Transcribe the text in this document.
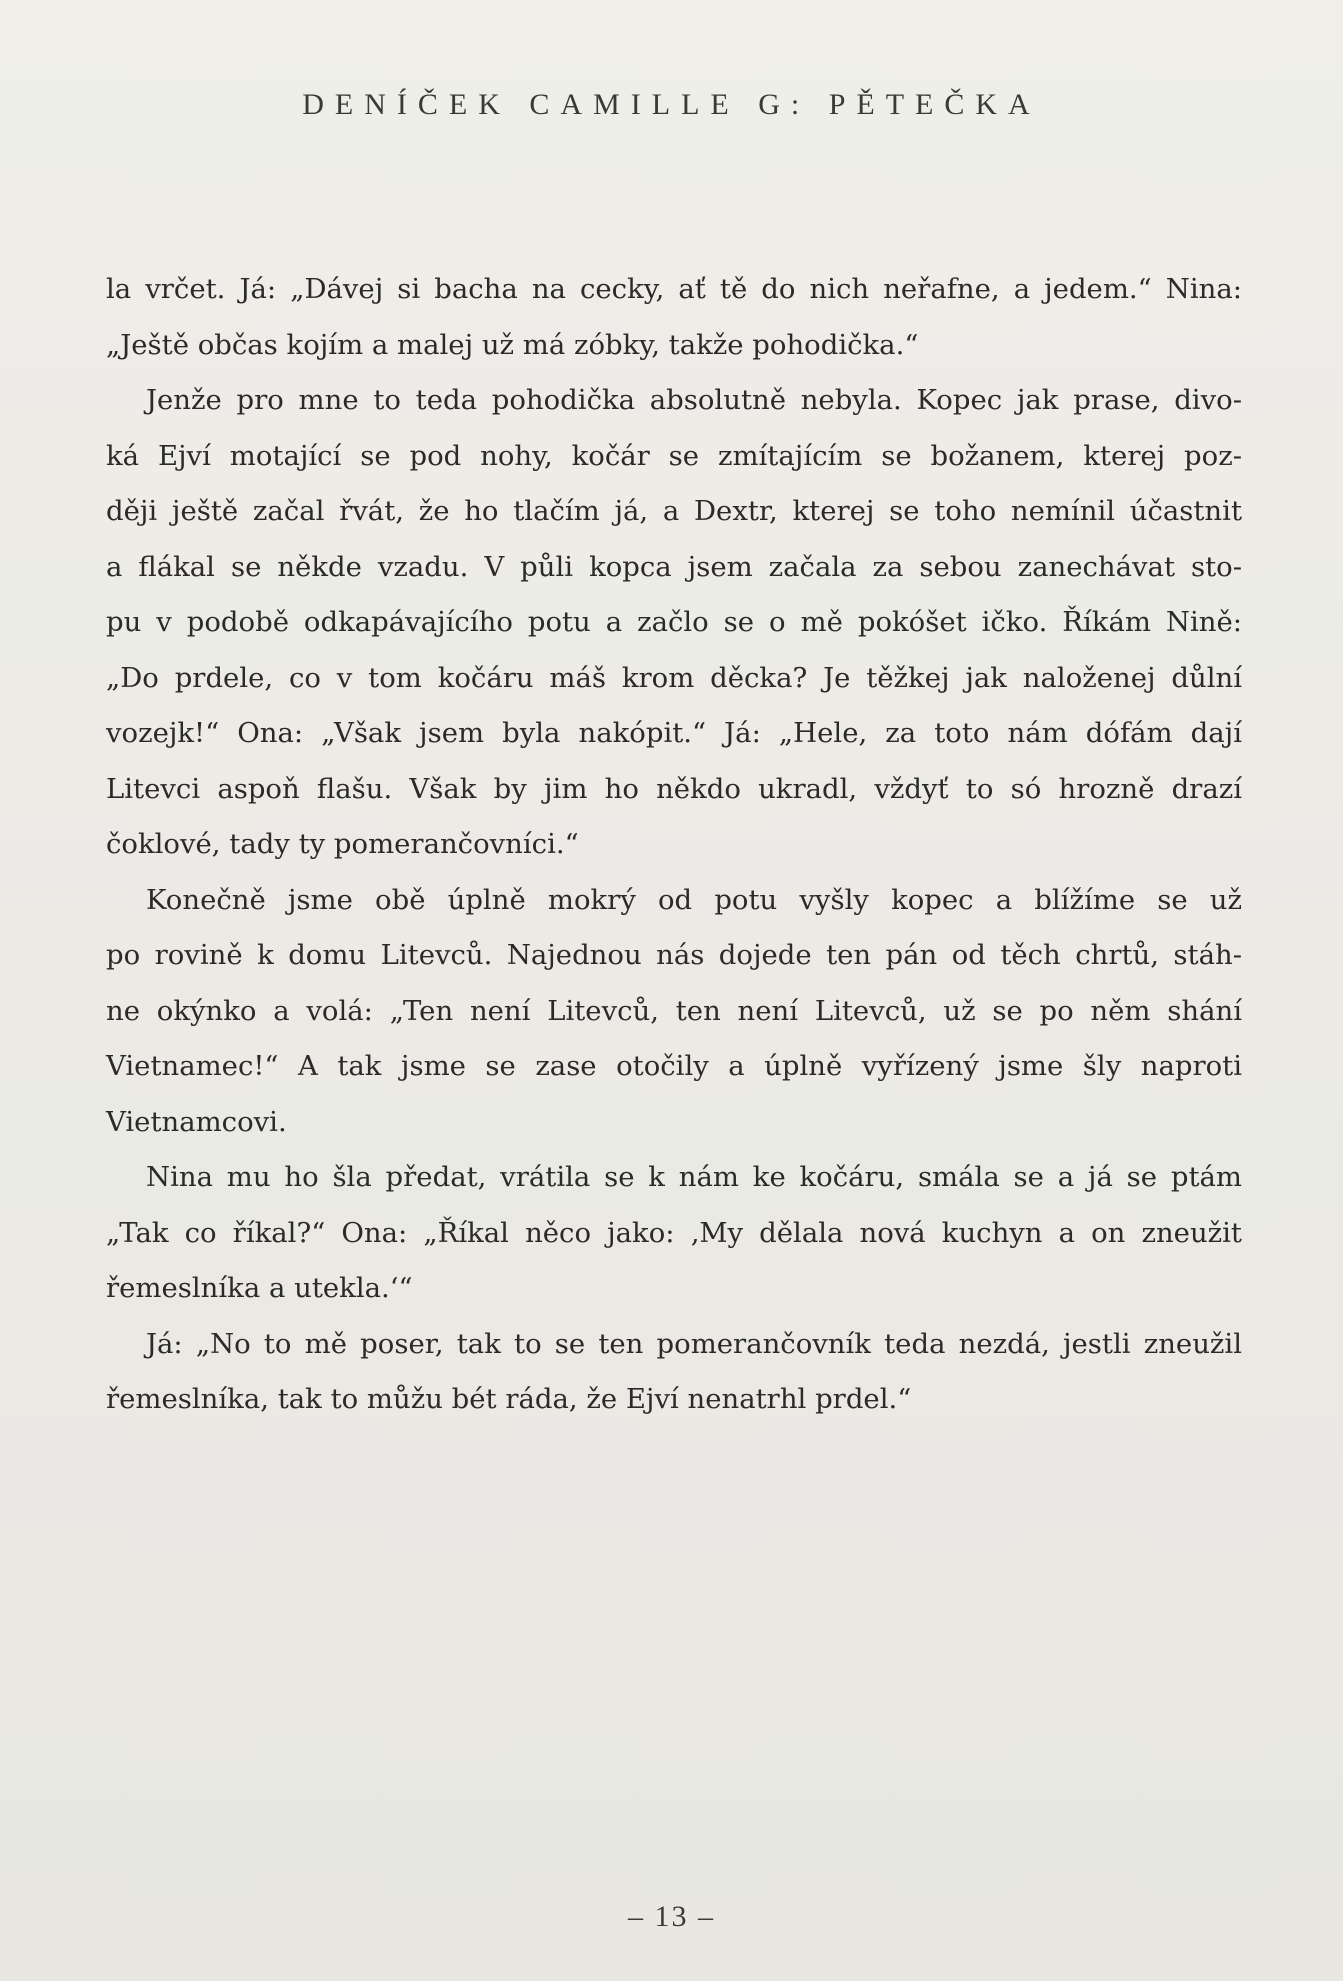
DENÍČEK CAMILLE G: PĚTEČKA

la vrčet. Já: „Dávej si bacha na cecky, ať tě do nich neřafne, a jedem.“ Nina:
„Ještě občas kojím a malej už má zóbky, takže pohodička.“

Jenže pro mne to teda pohodička absolutně nebyla. Kopec jak prase, divo-
ká Ejví motající se pod nohy, kočár se zmítajícím se božanem, kterej poz-
ději ještě začal řvát, že ho tlačím já, a Dextr, kterej se toho nemínil účastnit
a flákal se někde vzadu. V půli kopca jsem začala za sebou zanechávat sto-
pu v podobě odkapávajícího potu a začlo se o mě pokóšet ičko. Říkám Nině:
„Do prdele, co v tom kočáru máš krom děcka? Je těžkej jak naloženej důlní
vozejk!“ Ona: „Však jsem byla nakópit.“ Já: „Hele, za toto nám dófám dají
Litevci aspoň flašu. Však by jim ho někdo ukradl, vždyť to só hrozně drazí
čoklové, tady ty pomerančovníci.“

Konečně jsme obě úplně mokrý od potu vyšly kopec a blížíme se už
po rovině k domu Litevců. Najednou nás dojede ten pán od těch chrtů, stáh-
ne okýnko a volá: „Ten není Litevců, ten není Litevců, už se po něm shání
Vietnamec!“ A tak jsme se zase otočily a úplně vyřízený jsme šly naproti
Vietnamcovi.

Nina mu ho šla předat, vrátila se k nám ke kočáru, smála se a já se ptám
„Tak co říkal?“ Ona: „Říkal něco jako: ‚My dělala nová kuchyn a on zneužit
řemeslníka a utekla.‘“

Já: „No to mě poser, tak to se ten pomerančovník teda nezdá, jestli zneužil
řemeslníka, tak to můžu bét ráda, že Ejví nenatrhl prdel.“

– 13 –
